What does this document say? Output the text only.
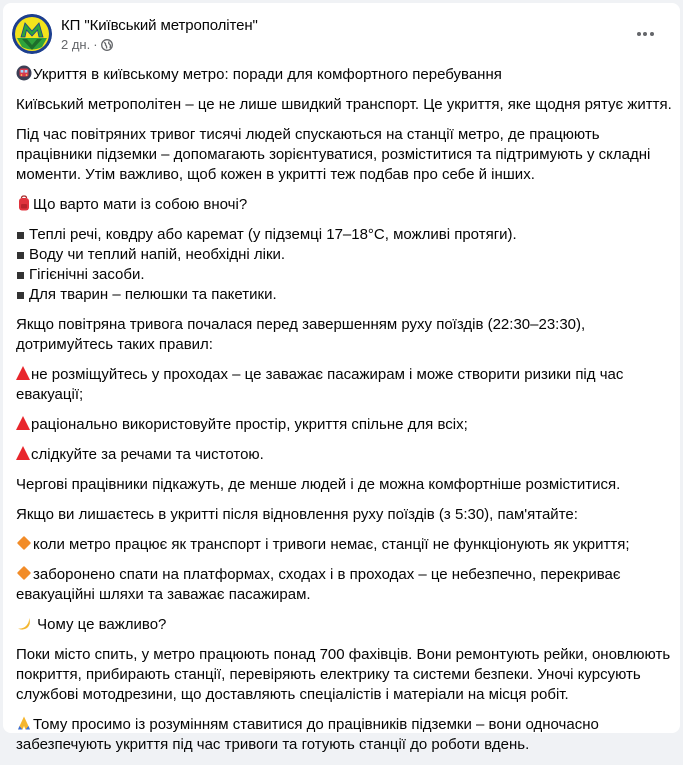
КП "Київський метрополітен"
2 дн. ·
Укриття в київському метро: поради для комфортного перебування
Київський метрополітен – це не лише швидкий транспорт. Це укриття, яке щодня рятує життя.
Під час повітряних тривог тисячі людей спускаються на станції метро, де працюють працівники підземки – допомагають зорієнтуватися, розміститися та підтримують у складні моменти. Утім важливо, щоб кожен в укритті теж подбав про себе й інших.
Що варто мати із собою вночі?
Теплі речі, ковдру або каремат (у підземці 17–18°C, можливі протяги).
Воду чи теплий напій, необхідні ліки.
Гігієнічні засоби.
Для тварин – пелюшки та пакетики.
Якщо повітряна тривога почалася перед завершенням руху поїздів (22:30–23:30), дотримуйтесь таких правил:
не розміщуйтесь у проходах – це заважає пасажирам і може створити ризики під час евакуації;
раціонально використовуйте простір, укриття спільне для всіх;
слідкуйте за речами та чистотою.
Чергові працівники підкажуть, де менше людей і де можна комфортніше розміститися.
Якщо ви лишаєтесь в укритті після відновлення руху поїздів (з 5:30), пам'ятайте:
коли метро працює як транспорт і тривоги немає, станції не функціонують як укриття;
заборонено спати на платформах, сходах і в проходах – це небезпечно, перекриває евакуаційні шляхи та заважає пасажирам.
Чому це важливо?
Поки місто спить, у метро працюють понад 700 фахівців. Вони ремонтують рейки, оновлюють покриття, прибирають станції, перевіряють електрику та системи безпеки. Уночі курсують службові мотодрезини, що доставляють спеціалістів і матеріали на місця робіт.
Тому просимо із розумінням ставитися до працівників підземки – вони одночасно забезпечують укриття під час тривоги та готують станції до роботи вдень.
